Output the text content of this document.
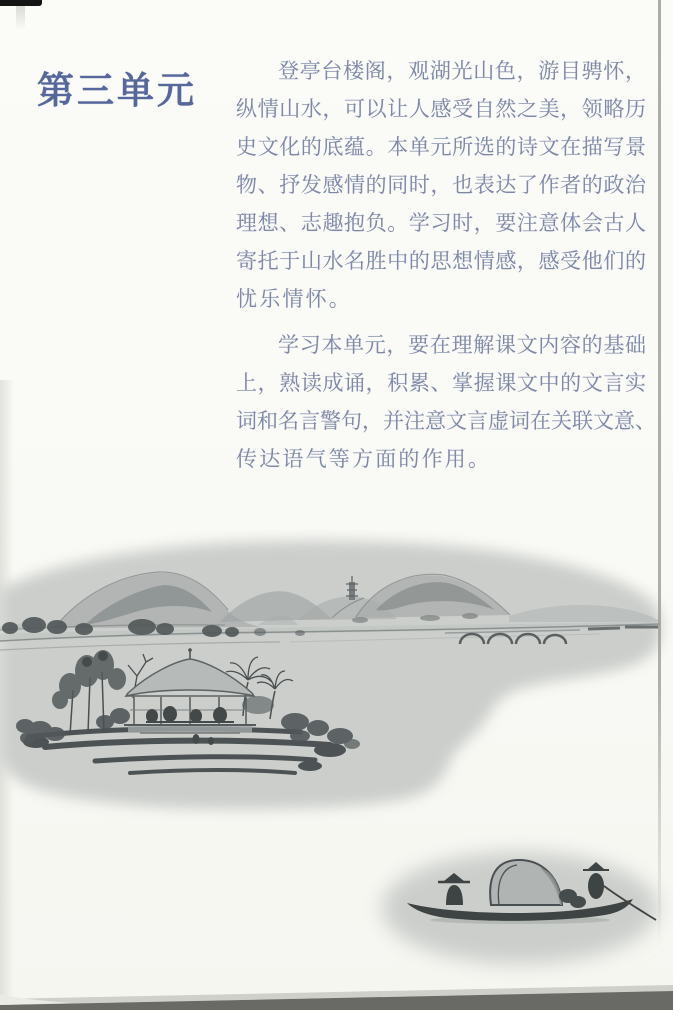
第三单元	登 亭 台 楼 阁 ， 观 湖 光 山 色 ， 游 目 骋 怀 ，
纵 情 山 水 ， 可 以 让 人 感 受 自 然 之 美 ， 领 略 历
史 文 化 的 底 蕴 。 本 单 元 所 选 的 诗 文 在 描 写 景
物 、 抒 发 感 情 的 同 时 ， 也 表 达 了 作 者 的 政 治
理 想 、 志 趣 抱 负 。 学 习 时 ， 要 注 意 体 会 古 人
寄 托 于 山 水 名 胜 中 的 思 想 情 感 ， 感 受 他 们 的
忧乐情怀。
学 习 本 单 元 ， 要 在 理 解 课 文 内 容 的 基 础
上 ， 熟 读 成 诵 ， 积 累 、 掌 握 课 文 中 的 文 言 实
词 和 名 言 警 句 ， 并 注 意 文 言 虚 词 在 关 联 文 意 、
传达语气等方面的作用。
